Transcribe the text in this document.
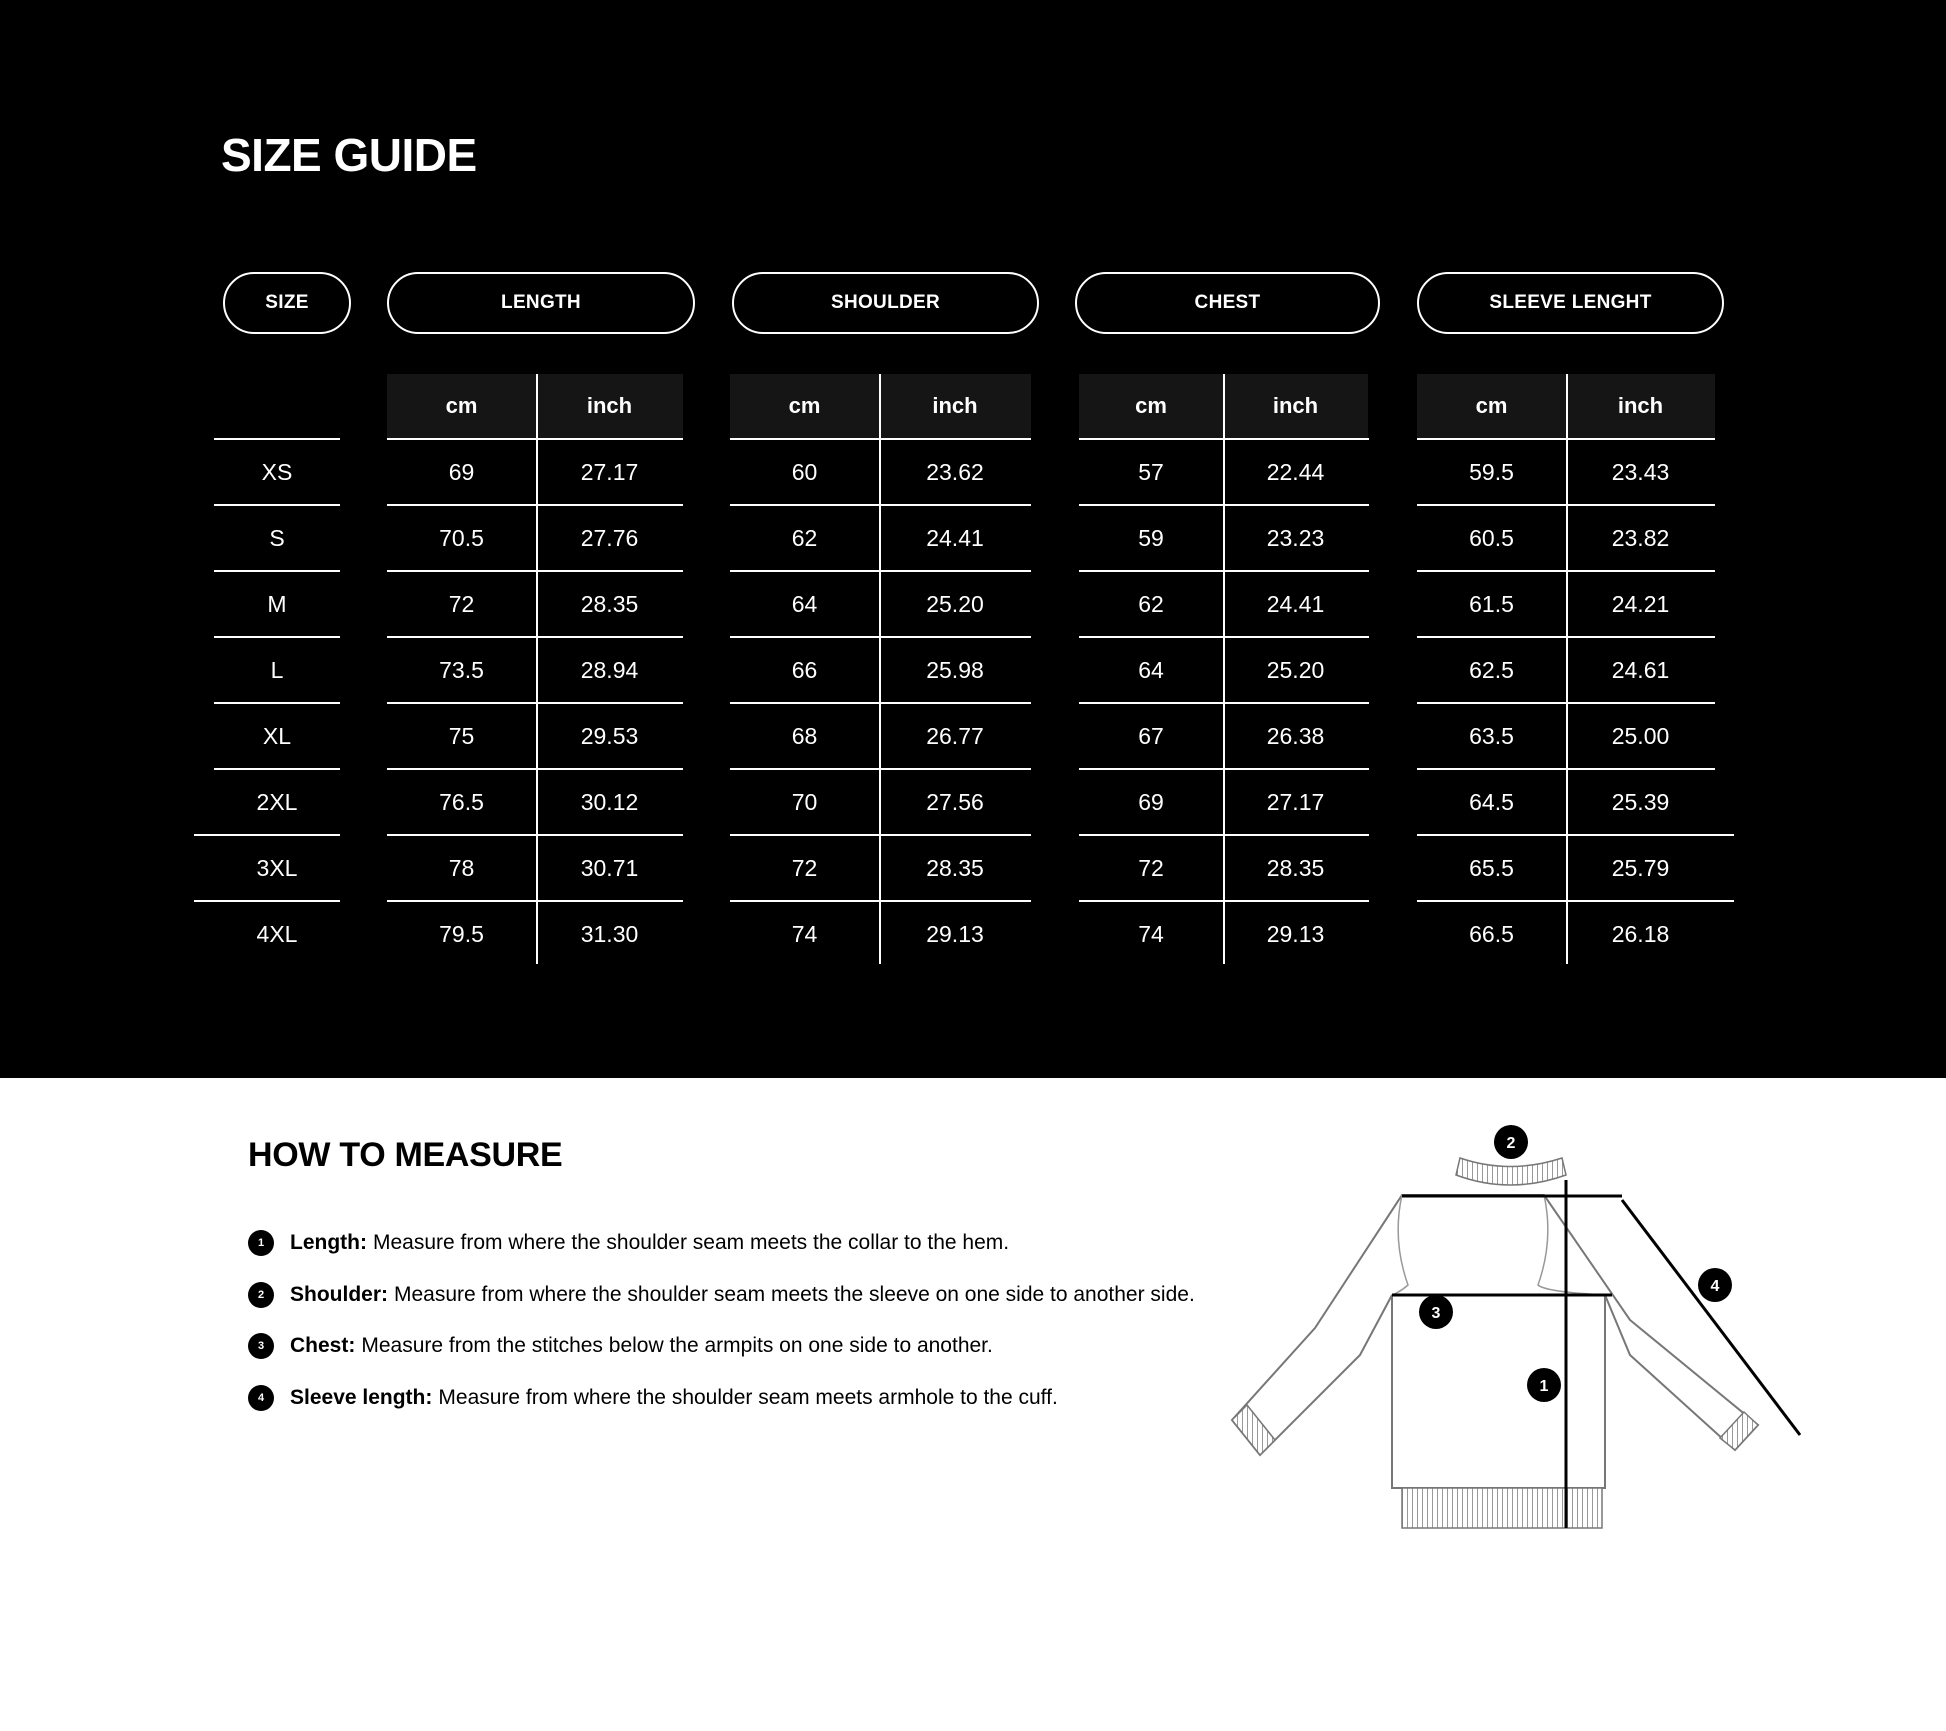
SIZE GUIDE
SIZE	LENGTH	SHOULDER	CHEST	SLEEVE LENGHT
cm	inch	cm	inch	cm	inch	cm	inch
XS	69	27.17	60	23.62	57	22.44	59.5	23.43
S	70.5	27.76	62	24.41	59	23.23	60.5	23.82
M	72	28.35	64	25.20	62	24.41	61.5	24.21
L	73.5	28.94	66	25.98	64	25.20	62.5	24.61
XL	75	29.53	68	26.77	67	26.38	63.5	25.00
2XL	76.5	30.12	70	27.56	69	27.17	64.5	25.39
3XL	78	30.71	72	28.35	72	28.35	65.5	25.79
4XL	79.5	31.30	74	29.13	74	29.13	66.5	26.18
HOW TO MEASURE
1	Length: Measure from where the shoulder seam meets the collar to the hem.
2	Shoulder: Measure from where the shoulder seam meets the sleeve on one side to another side.
3	Chest: Measure from the stitches below the armpits on one side to another.
4	Sleeve length: Measure from where the shoulder seam meets armhole to the cuff.
2
3
1
4
